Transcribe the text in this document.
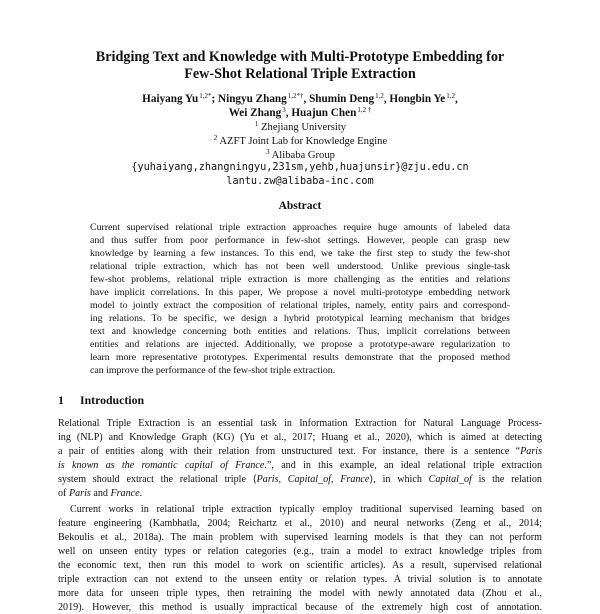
Bridging Text and Knowledge with Multi-Prototype Embedding for
Few-Shot Relational Triple Extraction
Haiyang $Yu^{1,2*}$; Ningyu Zhang$^{1,2*\dagger}$, Shumin Deng$^{1,2}$, Hongbin Ye$^{1,2}$,
Wei Zhang$^3$, Huajun Chen$^{1,2 \dagger}$
$^1$ Zhejiang University
$^2$ AZFT Joint Lab for Knowledge Engine
$^3$ Alibaba Group
{yuhaiyang,zhangningyu,231sm,yehb,huajunsir}@zju.edu.cn
lantu.zw@alibaba-inc.com
Abstract
Current supervised relational triple extraction approaches require huge amounts of labeled data
and thus suffer from poor performance in few-shot settings. However, people can grasp new
knowledge by learning a few instances. To this end, we take the first step to study the few-shot
relational triple extraction, which has not been well understood. Unlike previous single-task
few-shot problems, relational triple extraction is more challenging as the entities and relations
have implicit correlations. In this paper, We propose a novel multi-prototype embedding network
model to jointly extract the composition of relational triples, namely, entity pairs and correspond-
ing relations. To be specific, we design a hybrid prototypical learning mechanism that bridges
text and knowledge concerning both entities and relations. Thus, implicit correlations between
entities and relations are injected. Additionally, we propose a prototype-aware regularization to
learn more representative prototypes. Experimental results demonstrate that the proposed method
can improve the performance of the few-shot triple extraction.
1 Introduction
Relational Triple Extraction is an essential task in Information Extraction for Natural Language Process-
ing (NLP) and Knowledge Graph (KG) (Yu et al., 2017; Huang et al., 2020), which is aimed at detecting
a pair of entities along with their relation from unstructured text. For instance, there is a sentence “Paris
is known as the romantic capital of France.”, and in this example, an ideal relational triple extraction
system should extract the relational triple ⟨Paris, Capital_of, France⟩, in which Capital_of is the relation
of Paris and France.
Current works in relational triple extraction typically employ traditional supervised learning based on
feature engineering (Kambhatla, 2004; Reichartz et al., 2010) and neural networks (Zeng et al., 2014;
Bekoulis et al., 2018a). The main problem with supervised learning models is that they can not perform
well on unseen entity types or relation categories (e.g., train a model to extract knowledge triples from
the economic text, then run this model to work on scientific articles). As a result, supervised relational
triple extraction can not extend to the unseen entity or relation types. A trivial solution is to annotate
more data for unseen triple types, then retraining the model with newly annotated data (Zhou et al.,
2019). However, this method is usually impractical because of the extremely high cost of annotation.
